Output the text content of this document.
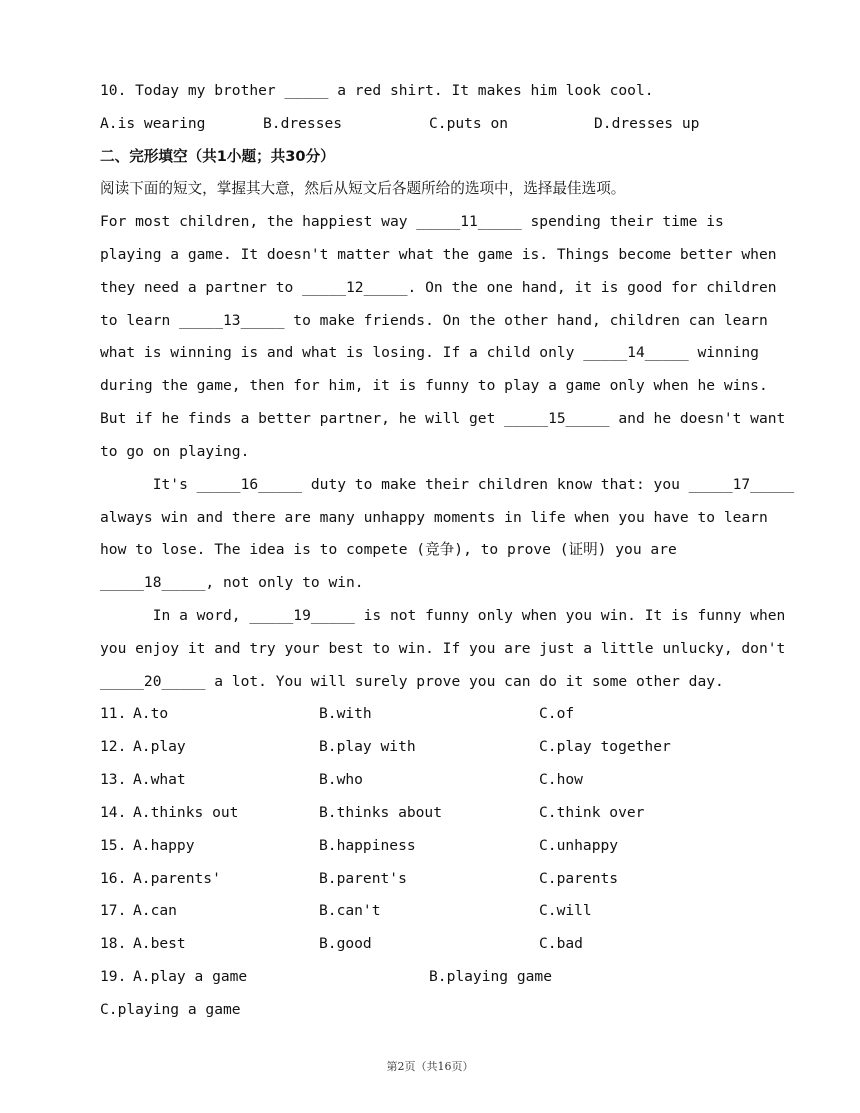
10. Today my brother _____ a red shirt. It makes him look cool.
A.is wearing	B.dresses	C.puts on	D.dresses up
二、完形填空（共1小题；共30分）
阅读下面的短文，掌握其大意，然后从短文后各题所给的选项中，选择最佳选项。
For most children, the happiest way _____11_____ spending their time is
playing a game. It doesn't matter what the game is. Things become better when
they need a partner to _____12_____. On the one hand, it is good for children
to learn _____13_____ to make friends. On the other hand, children can learn
what is winning is and what is losing. If a child only _____14_____ winning
during the game, then for him, it is funny to play a game only when he wins.
But if he finds a better partner, he will get _____15_____ and he doesn't want
to go on playing.
It's _____16_____ duty to make their children know that: you _____17_____
always win and there are many unhappy moments in life when you have to learn
how to lose. The idea is to compete (竞争), to prove (证明) you are
_____18_____, not only to win.
In a word, _____19_____ is not funny only when you win. It is funny when
you enjoy it and try your best to win. If you are just a little unlucky, don't
_____20_____ a lot. You will surely prove you can do it some other day.
11. A.to	B.with	C.of
12. A.play	B.play with	C.play together
13. A.what	B.who	C.how
14. A.thinks out	B.thinks about	C.think over
15. A.happy	B.happiness	C.unhappy
16. A.parents'	B.parent's	C.parents
17. A.can	B.can't	C.will
18. A.best	B.good	C.bad
19. A.play a game	B.playing game
C.playing a game
第2页（共16页）
